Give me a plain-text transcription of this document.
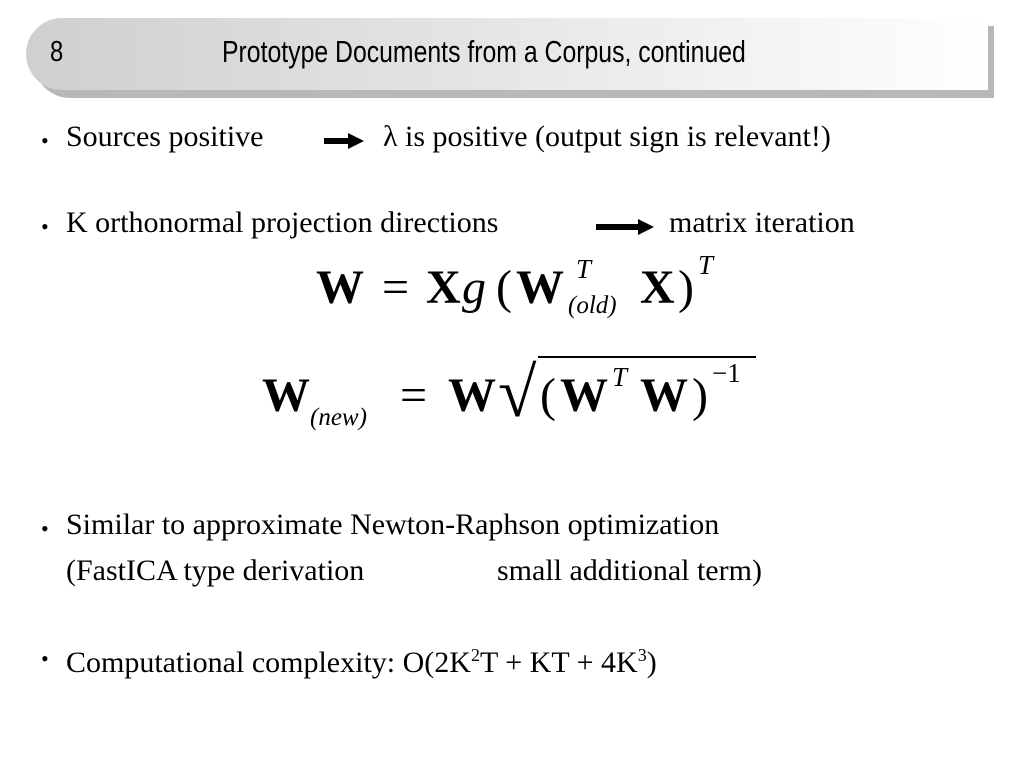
8	Prototype Documents from a Corpus, continued
• Sources positive	λ is positive (output sign is relevant!)
• K orthonormal projection directions	matrix iteration
W = X g ( W T
(old) X ) T
W (new) = W √ ( W T W ) −1
• Similar to approximate Newton-Raphson optimization
(FastICA type derivation	small additional term)
• Computational complexity: $O(2K^2T$ + KT + $4K^3$)
